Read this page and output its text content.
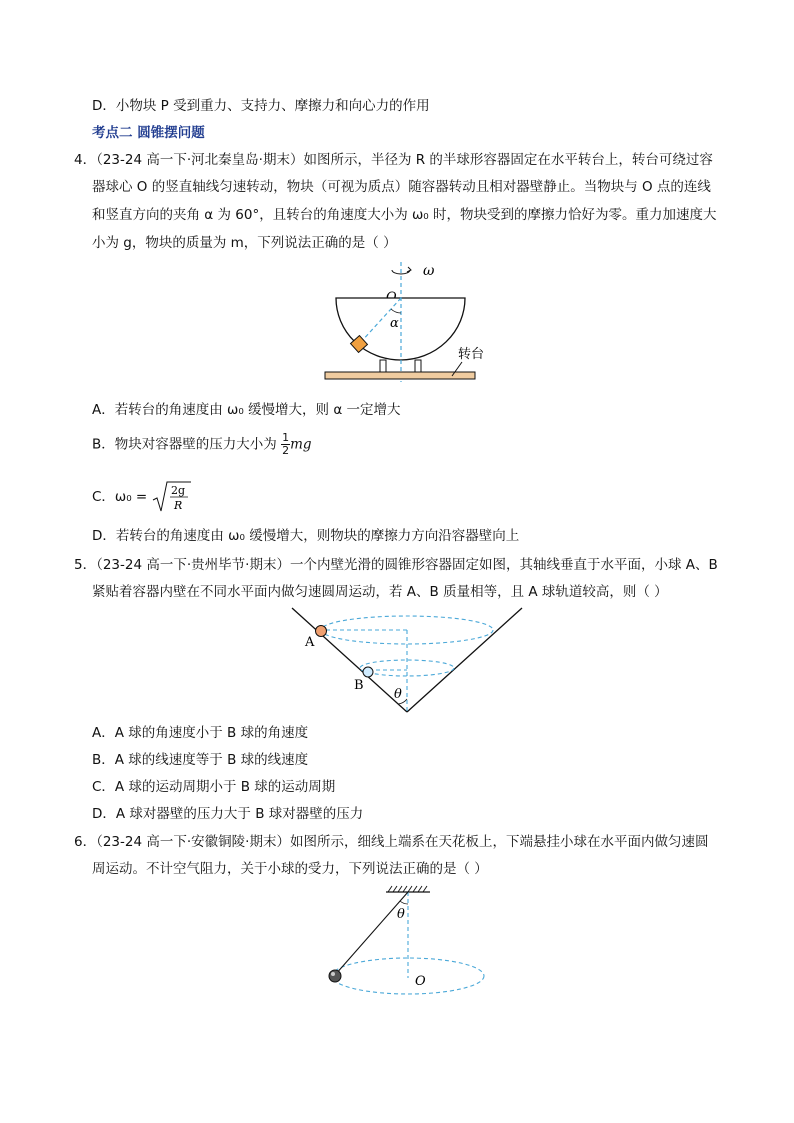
D．小物块 P 受到重力、支持力、摩擦力和向心力的作用
考点二 圆锥摆问题
4．（23-24 高一下·河北秦皇岛·期末）如图所示，半径为 R 的半球形容器固定在水平转台上，转台可绕过容
器球心 O 的竖直轴线匀速转动，物块（可视为质点）随容器转动且相对器壁静止。当物块与 O 点的连线
和竖直方向的夹角 α 为 60°，且转台的角速度大小为 ω₀ 时，物块受到的摩擦力恰好为零。重力加速度大
小为 g，物块的质量为 m，下列说法正确的是（ ）
ω
α
转台
A．若转台的角速度由 ω₀ 缓慢增大，则 α 一定增大
B．物块对容器壁的压力大小为 $\frac{1}{2}$ mg
C．ω₀ = 2g
R
D．若转台的角速度由 ω₀ 缓慢增大，则物块的摩擦力方向沿容器壁向上
5．（23-24 高一下·贵州毕节·期末）一个内壁光滑的圆锥形容器固定如图，其轴线垂直于水平面，小球 A、B
紧贴着容器内壁在不同水平面内做匀速圆周运动，若 A、B 质量相等，且 A 球轨道较高，则（ ）
A
B
θ
A．A 球的角速度小于 B 球的角速度
B．A 球的线速度等于 B 球的线速度
C．A 球的运动周期小于 B 球的运动周期
D．A 球对器壁的压力大于 B 球对器壁的压力
6．（23-24 高一下·安徽铜陵·期末）如图所示，细线上端系在天花板上，下端悬挂小球在水平面内做匀速圆
周运动。不计空气阻力，关于小球的受力，下列说法正确的是（ ）
θ
O
